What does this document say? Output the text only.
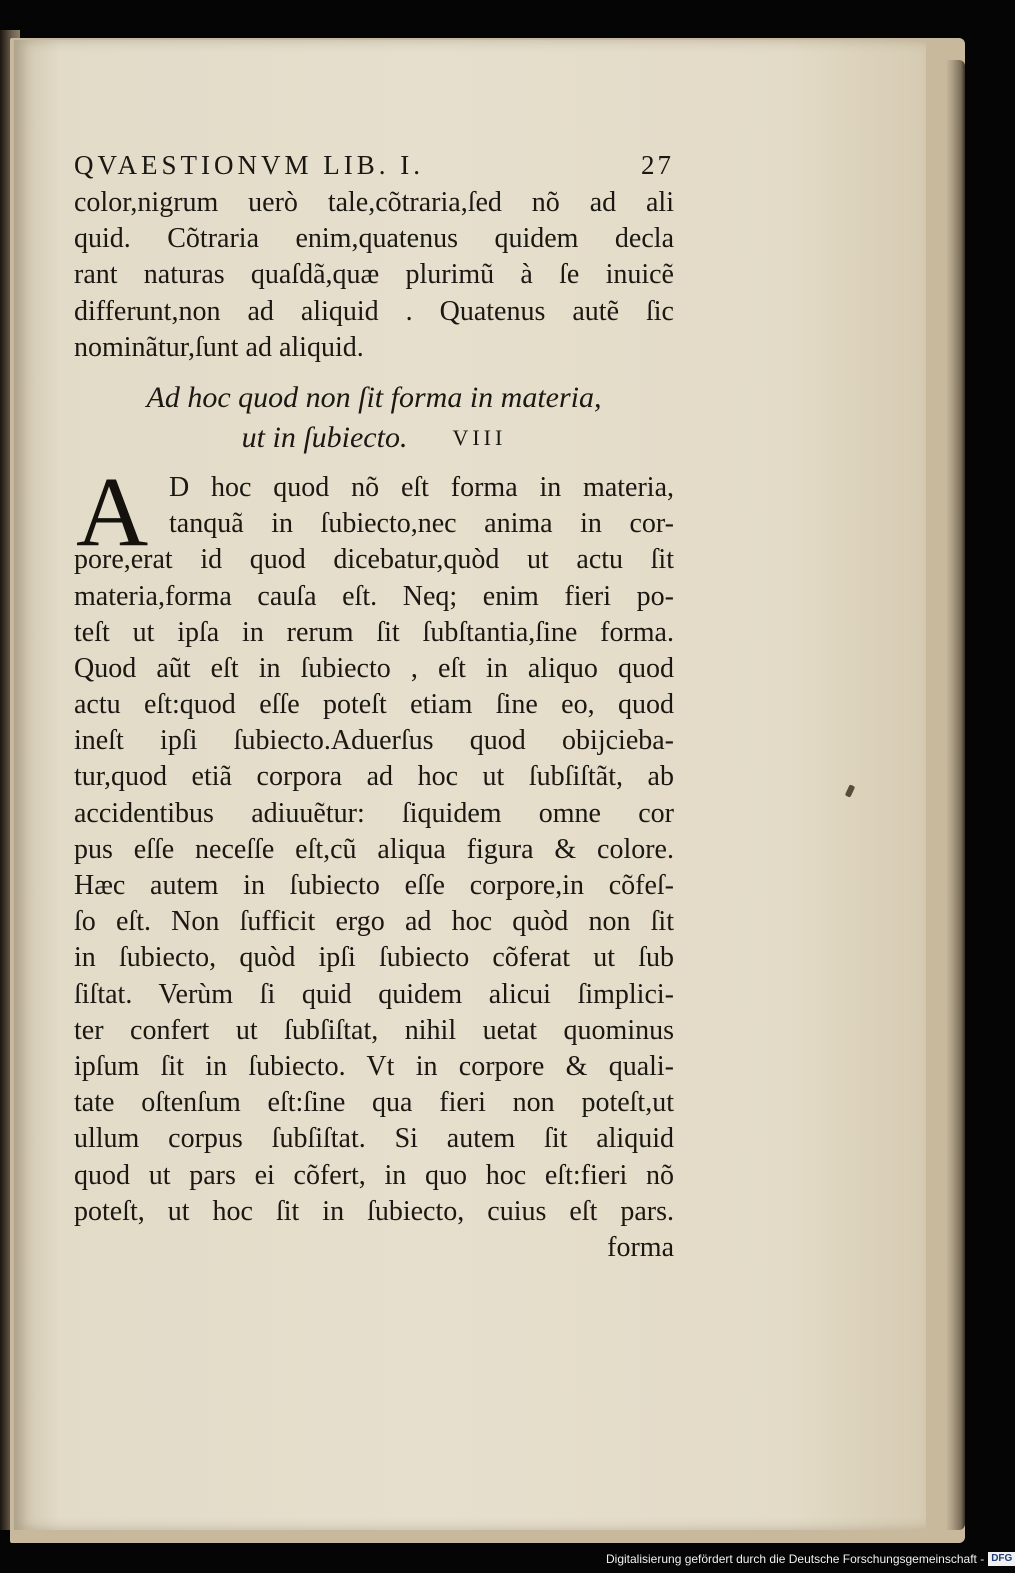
QVAESTIONVM LIB. I.	27
color,nigrum uerò tale,cõtraria,ſed nõ ad ali
quid. Cõtraria enim,quatenus quidem decla
rant naturas quaſdã,quæ plurimũ à ſe inuicẽ
differunt,non ad aliquid . Quatenus autẽ ſic
nominãtur,ſunt ad aliquid.
Ad hoc quod non ſit forma in materia,
ut in ſubiecto. VIII
A D hoc quod nõ eſt forma in materia,
tanquã in ſubiecto,nec anima in cor-
pore,erat id quod dicebatur,quòd ut actu ſit
materia,forma cauſa eſt. Neq; enim fieri po-
teſt ut ipſa in rerum ſit ſubſtantia,ſine forma.
Quod aũt eſt in ſubiecto , eſt in aliquo quod
actu eſt:quod eſſe poteſt etiam ſine eo, quod
ineſt ipſi ſubiecto.Aduerſus quod obijcieba-
tur,quod etiã corpora ad hoc ut ſubſiſtãt, ab
accidentibus adiuuẽtur: ſiquidem omne cor
pus eſſe neceſſe eſt,cũ aliqua figura & colore.
Hæc autem in ſubiecto eſſe corpore,in cõfeſ-
ſo eſt. Non ſufficit ergo ad hoc quòd non ſit
in ſubiecto, quòd ipſi ſubiecto cõferat ut ſub
ſiſtat. Verùm ſi quid quidem alicui ſimplici-
ter confert ut ſubſiſtat, nihil uetat quominus
ipſum ſit in ſubiecto. Vt in corpore & quali-
tate oſtenſum eſt:ſine qua fieri non poteſt,ut
ullum corpus ſubſiſtat. Si autem ſit aliquid
quod ut pars ei cõfert, in quo hoc eſt:fieri nõ
poteſt, ut hoc ſit in ſubiecto, cuius eſt pars.
forma
Digitalisierung gefördert durch die Deutsche Forschungsgemeinschaft - DFG
